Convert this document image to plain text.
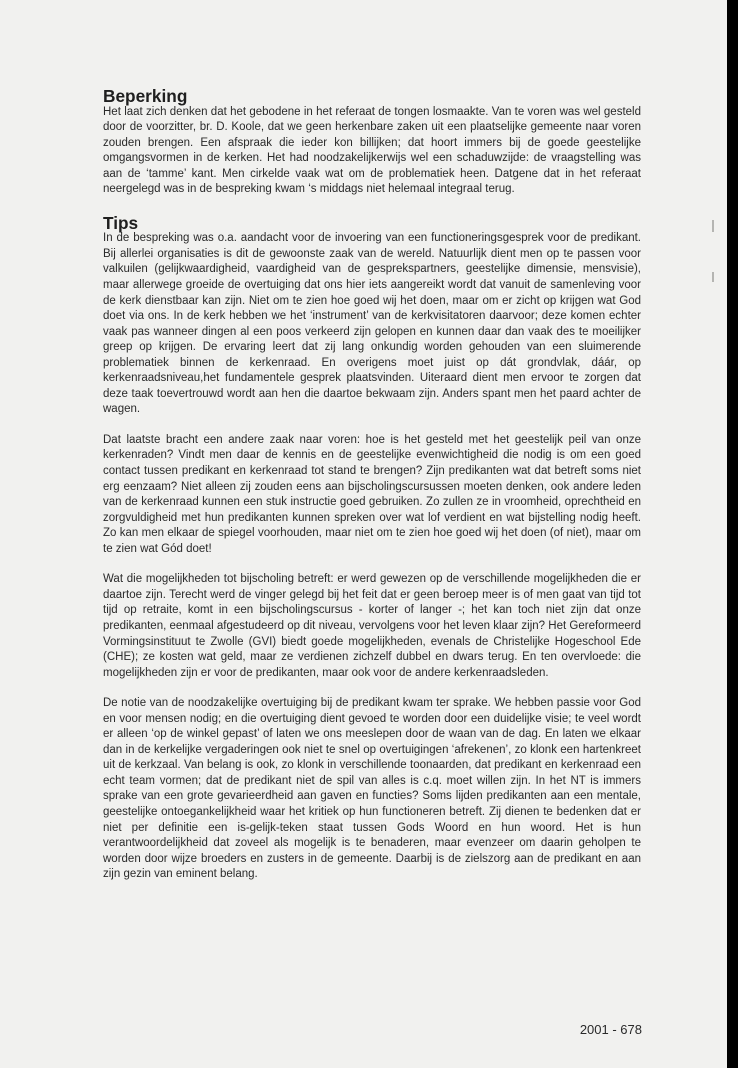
Beperking

Het laat zich denken dat het gebodene in het referaat de tongen losmaakte. Van te voren was wel gesteld door de voorzitter, br. D. Koole, dat we geen herkenbare zaken uit een plaatselijke gemeente naar voren zouden brengen. Een afspraak die ieder kon billijken; dat hoort immers bij de goede geestelijke omgangsvormen in de kerken. Het had noodzakelijkerwijs wel een schaduwzijde: de vraagstelling was aan de ‘tamme’ kant. Men cirkelde vaak wat om de problematiek heen. Datgene dat in het referaat neergelegd was in de bespreking kwam ‘s middags niet helemaal integraal terug.

Tips

In de bespreking was o.a. aandacht voor de invoering van een functioneringsgesprek voor de predikant. Bij allerlei organisaties is dit de gewoonste zaak van de wereld. Natuurlijk dient men op te passen voor valkuilen (gelijkwaardigheid, vaardigheid van de gesprekspartners, geestelijke dimensie, mensvisie), maar allerwege groeide de overtuiging dat ons hier iets aangereikt wordt dat vanuit de samenleving voor de kerk dienstbaar kan zijn. Niet om te zien hoe goed wij het doen, maar om er zicht op krijgen wat God doet via ons. In de kerk hebben we het ‘instrument’ van de kerkvisitatoren daarvoor; deze komen echter vaak pas wanneer dingen al een poos verkeerd zijn gelopen en kunnen daar dan vaak des te moeilijker greep op krijgen. De ervaring leert dat zij lang onkundig worden gehouden van een sluimerende problematiek binnen de kerkenraad. En overigens moet juist op dát grondvlak, dáár, op kerkenraadsniveau,het fundamentele gesprek plaatsvinden. Uiteraard dient men ervoor te zorgen dat deze taak toevertrouwd wordt aan hen die daartoe bekwaam zijn. Anders spant men het paard achter de wagen.

Dat laatste bracht een andere zaak naar voren: hoe is het gesteld met het geestelijk peil van onze kerkenraden? Vindt men daar de kennis en de geestelijke evenwichtigheid die nodig is om een goed contact tussen predikant en kerkenraad tot stand te brengen? Zijn predikanten wat dat betreft soms niet erg eenzaam? Niet alleen zij zouden eens aan bijscholingscursussen moeten denken, ook andere leden van de kerkenraad kunnen een stuk instructie goed gebruiken. Zo zullen ze in vroomheid, oprechtheid en zorgvuldigheid met hun predikanten kunnen spreken over wat lof verdient en wat bijstelling nodig heeft. Zo kan men elkaar de spiegel voorhouden, maar niet om te zien hoe goed wij het doen (of niet), maar om te zien wat Gód doet!

Wat die mogelijkheden tot bijscholing betreft: er werd gewezen op de verschillende mogelijkheden die er daartoe zijn. Terecht werd de vinger gelegd bij het feit dat er geen beroep meer is of men gaat van tijd tot tijd op retraite, komt in een bijscholingscursus - korter of langer -; het kan toch niet zijn dat onze predikanten, eenmaal afgestudeerd op dit niveau, vervolgens voor het leven klaar zijn? Het Gereformeerd Vormingsinstituut te Zwolle (GVI) biedt goede mogelijkheden, evenals de Christelijke Hogeschool Ede (CHE); ze kosten wat geld, maar ze verdienen zichzelf dubbel en dwars terug. En ten overvloede: die mogelijkheden zijn er voor de predikanten, maar ook voor de andere kerkenraadsleden.

De notie van de noodzakelijke overtuiging bij de predikant kwam ter sprake. We hebben passie voor God en voor mensen nodig; en die overtuiging dient gevoed te worden door een duidelijke visie; te veel wordt er alleen ‘op de winkel gepast’ of laten we ons meeslepen door de waan van de dag. En laten we elkaar dan in de kerkelijke vergaderingen ook niet te snel op overtuigingen ‘afrekenen’, zo klonk een hartenkreet uit de kerkzaal. Van belang is ook, zo klonk in verschillende toonaarden, dat predikant en kerkenraad een echt team vormen; dat de predikant niet de spil van alles is c.q. moet willen zijn. In het NT is immers sprake van een grote gevarieerdheid aan gaven en functies? Soms lijden predikanten aan een mentale, geestelijke ontoegankelijkheid waar het kritiek op hun functioneren betreft. Zij dienen te bedenken dat er niet per definitie een is-gelijk-teken staat tussen Gods Woord en hun woord. Het is hun verantwoordelijkheid dat zoveel als mogelijk is te benaderen, maar evenzeer om daarin geholpen te worden door wijze broeders en zusters in de gemeente. Daarbij is de zielszorg aan de predikant en aan zijn gezin van eminent belang.

2001 - 678
